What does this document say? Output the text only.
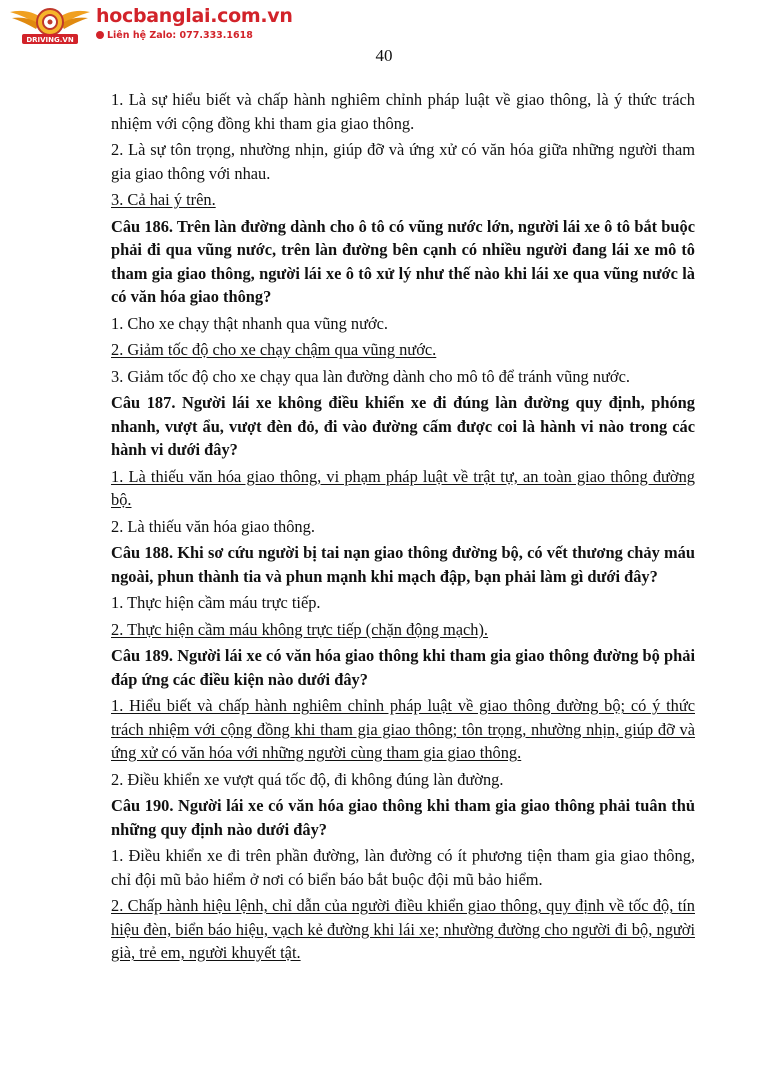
DRIVING.VN
hocbanglai.com.vn
Liên hệ Zalo: 077.333.1618
40

1. Là sự hiểu biết và chấp hành nghiêm chỉnh pháp luật về giao thông, là ý thức trách nhiệm với cộng đồng khi tham gia giao thông.

2. Là sự tôn trọng, nhường nhịn, giúp đỡ và ứng xử có văn hóa giữa những người tham gia giao thông với nhau.

3. Cả hai ý trên.

Câu 186. Trên làn đường dành cho ô tô có vũng nước lớn, người lái xe ô tô bắt buộc phải đi qua vũng nước, trên làn đường bên cạnh có nhiều người đang lái xe mô tô tham gia giao thông, người lái xe ô tô xử lý như thế nào khi lái xe qua vũng nước là có văn hóa giao thông?

1. Cho xe chạy thật nhanh qua vũng nước.

2. Giảm tốc độ cho xe chạy chậm qua vũng nước.

3. Giảm tốc độ cho xe chạy qua làn đường dành cho mô tô để tránh vũng nước.

Câu 187. Người lái xe không điều khiển xe đi đúng làn đường quy định, phóng nhanh, vượt ẩu, vượt đèn đỏ, đi vào đường cấm được coi là hành vi nào trong các hành vi dưới đây?

1. Là thiếu văn hóa giao thông, vi phạm pháp luật về trật tự, an toàn giao thông đường bộ.

2. Là thiếu văn hóa giao thông.

Câu 188. Khi sơ cứu người bị tai nạn giao thông đường bộ, có vết thương chảy máu ngoài, phun thành tia và phun mạnh khi mạch đập, bạn phải làm gì dưới đây?

1. Thực hiện cầm máu trực tiếp.

2. Thực hiện cầm máu không trực tiếp (chặn động mạch).

Câu 189. Người lái xe có văn hóa giao thông khi tham gia giao thông đường bộ phải đáp ứng các điều kiện nào dưới đây?

1. Hiểu biết và chấp hành nghiêm chỉnh pháp luật về giao thông đường bộ; có ý thức trách nhiệm với cộng đồng khi tham gia giao thông; tôn trọng, nhường nhịn, giúp đỡ và ứng xử có văn hóa với những người cùng tham gia giao thông.

2. Điều khiển xe vượt quá tốc độ, đi không đúng làn đường.

Câu 190. Người lái xe có văn hóa giao thông khi tham gia giao thông phải tuân thủ những quy định nào dưới đây?

1. Điều khiển xe đi trên phần đường, làn đường có ít phương tiện tham gia giao thông, chỉ đội mũ bảo hiểm ở nơi có biển báo bắt buộc đội mũ bảo hiểm.

2. Chấp hành hiệu lệnh, chỉ dẫn của người điều khiển giao thông, quy định về tốc độ, tín hiệu đèn, biển báo hiệu, vạch kẻ đường khi lái xe; nhường đường cho người đi bộ, người già, trẻ em, người khuyết tật.
